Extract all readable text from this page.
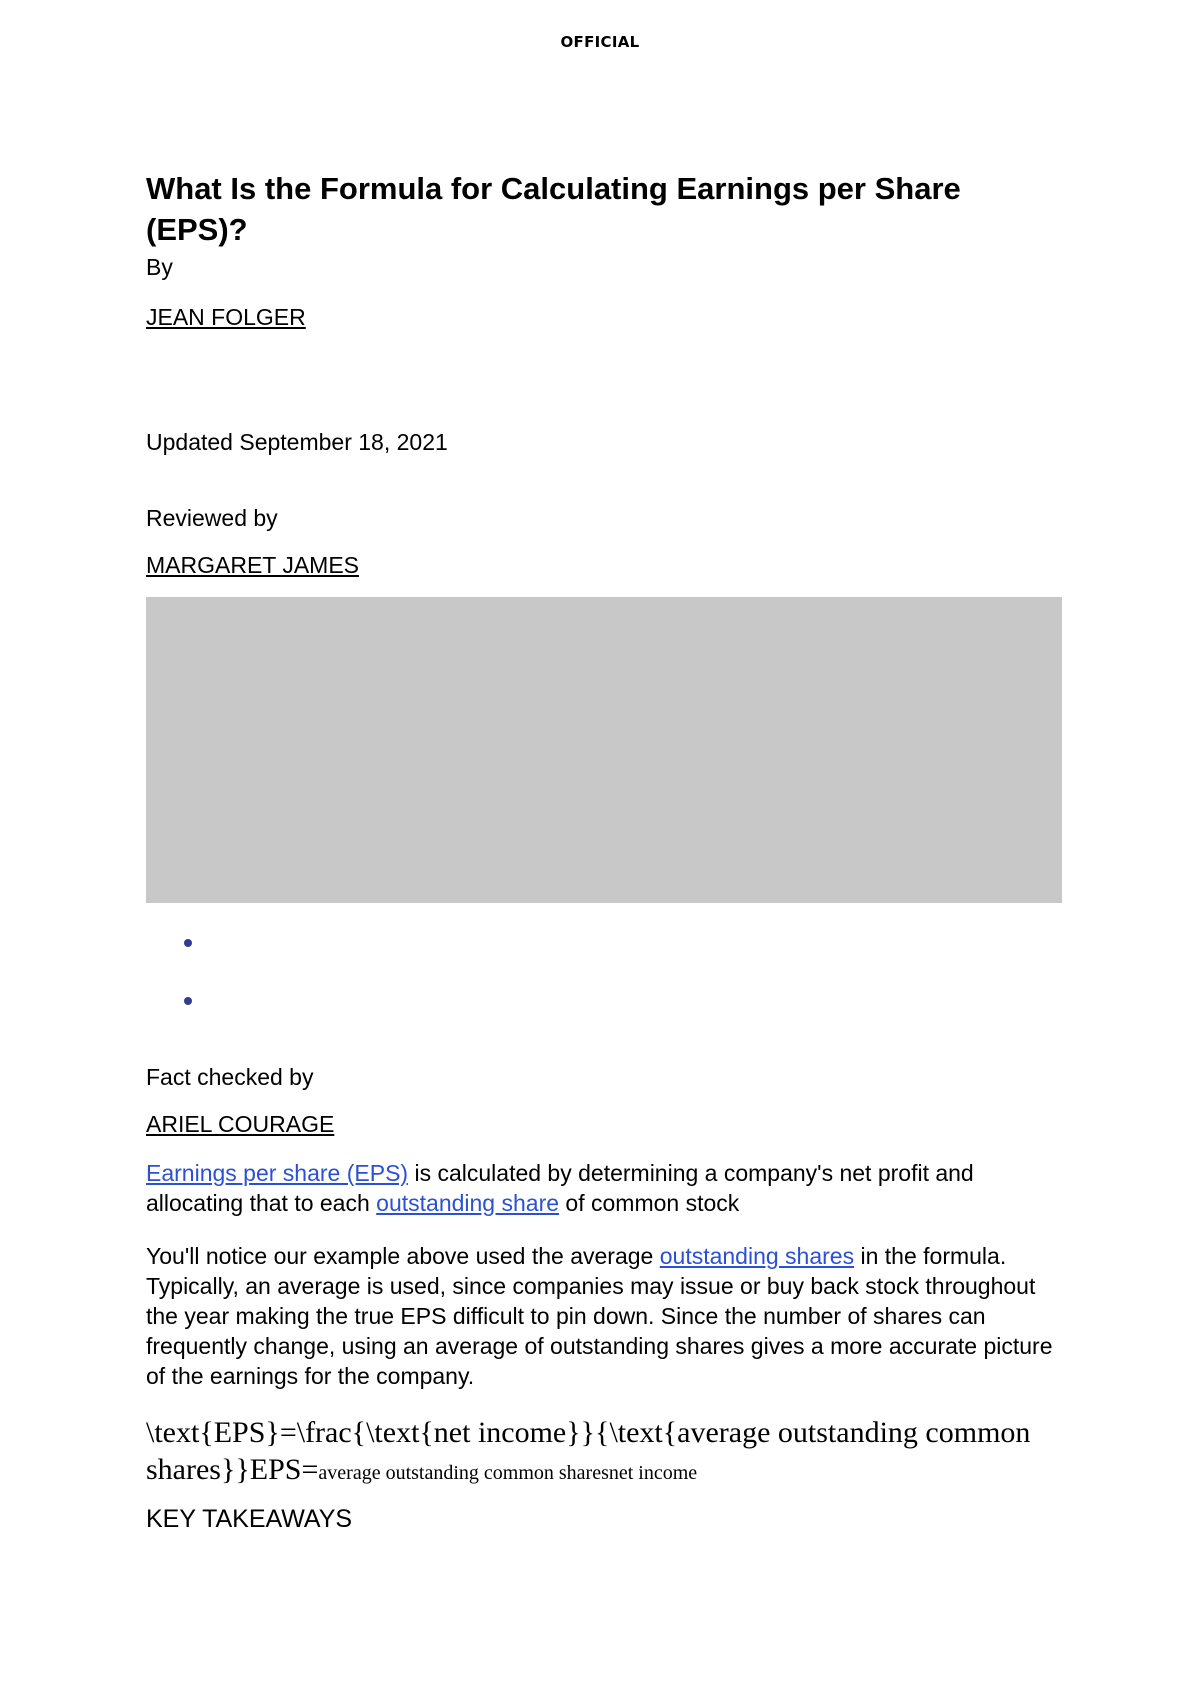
OFFICIAL
What Is the Formula for Calculating Earnings per Share (EPS)?

By

JEAN FOLGER

Updated September 18, 2021

Reviewed by

MARGARET JAMES

Fact checked by

ARIEL COURAGE

Earnings per share (EPS) is calculated by determining a company's net profit and allocating that to each outstanding share of common stock

You'll notice our example above used the average outstanding shares in the formula. Typically, an average is used, since companies may issue or buy back stock throughout the year making the true EPS difficult to pin down. Since the number of shares can frequently change, using an average of outstanding shares gives a more accurate picture of the earnings for the company.

\text{EPS}=\frac{\text{net income}}{\text{average outstanding common shares}}EPS=average outstanding common sharesnet income
KEY TAKEAWAYS
